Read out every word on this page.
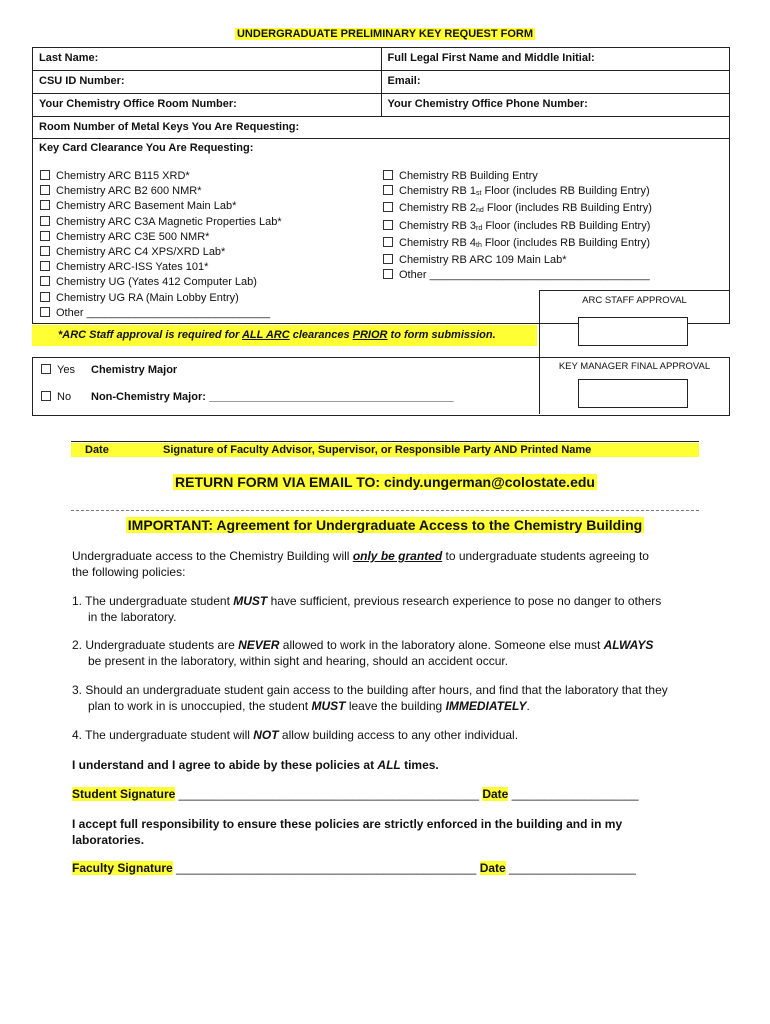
UNDERGRADUATE PRELIMINARY KEY REQUEST FORM
Last Name:	Full Legal First Name and Middle Initial:
CSU ID Number:	Email:
Your Chemistry Office Room Number:	Your Chemistry Office Phone Number:
Room Number of Metal Keys You Are Requesting:
Key Card Clearance You Are Requesting:
Chemistry ARC B115 XRD*
Chemistry ARC B2 600 NMR*
Chemistry ARC Basement Main Lab*
Chemistry ARC C3A Magnetic Properties Lab*
Chemistry ARC C3E 500 NMR*
Chemistry ARC C4 XPS/XRD Lab*
Chemistry ARC-ISS Yates 101*
Chemistry UG (Yates 412 Computer Lab)
Chemistry UG RA (Main Lobby Entry)
Other ______________________________
Chemistry RB Building Entry
Chemistry RB 1st Floor (includes RB Building Entry)
Chemistry RB 2nd Floor (includes RB Building Entry)
Chemistry RB 3rd Floor (includes RB Building Entry)
Chemistry RB 4th Floor (includes RB Building Entry)
Chemistry RB ARC 109 Main Lab*
Other ____________________________________
ARC STAFF APPROVAL
*ARC Staff approval is required for ALL ARC clearances PRIOR to form submission.
Yes Chemistry Major
No Non-Chemistry Major: ________________________________________
KEY MANAGER FINAL APPROVAL
Date	Signature of Faculty Advisor, Supervisor, or Responsible Party AND Printed Name
RETURN FORM VIA EMAIL TO: cindy.ungerman@colostate.edu
IMPORTANT: Agreement for Undergraduate Access to the Chemistry Building
Undergraduate access to the Chemistry Building will only be granted to undergraduate students agreeing to
the following policies:
1. The undergraduate student MUST have sufficient, previous research experience to pose no danger to others
in the laboratory.
2. Undergraduate students are NEVER allowed to work in the laboratory alone. Someone else must ALWAYS
be present in the laboratory, within sight and hearing, should an accident occur.
3. Should an undergraduate student gain access to the building after hours, and find that the laboratory that they
plan to work in is unoccupied, the student MUST leave the building IMMEDIATELY.
4. The undergraduate student will NOT allow building access to any other individual.
I understand and I agree to abide by these policies at ALL times.
Student Signature _____________________________________________ Date ___________________
I accept full responsibility to ensure these policies are strictly enforced in the building and in my laboratories.
Faculty Signature _____________________________________________ Date ___________________
